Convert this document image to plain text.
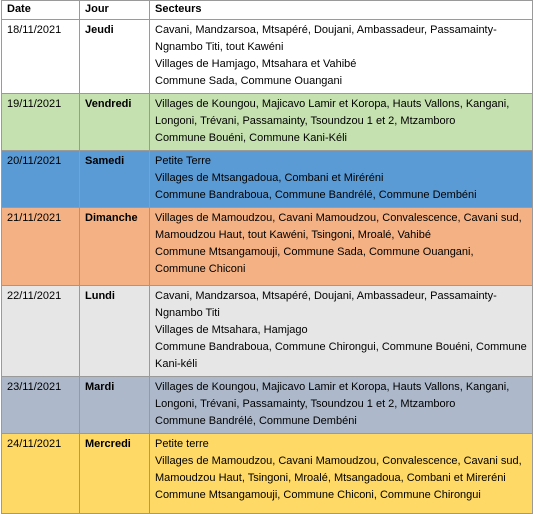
Date	Jour	Secteurs
18/11/2021	Jeudi	Cavani, Mandzarsoa, Mtsapéré, Doujani, Ambassadeur, Passamainty-Ngnambo Titi, tout Kawéni
Villages de Hamjago, Mtsahara et Vahibé
Commune Sada, Commune Ouangani

19/11/2021	Vendredi	Villages de Koungou, Majicavo Lamir et Koropa, Hauts Vallons, Kangani, Longoni, Trévani, Passamainty, Tsoundzou 1 et 2, Mtzamboro
Commune Bouéni, Commune Kani-Kéli

20/11/2021	Samedi	Petite Terre
Villages de Mtsangadoua, Combani et Miréréni
Commune Bandraboua, Commune Bandrélé, Commune Dembéni

21/11/2021	Dimanche	Villages de Mamoudzou, Cavani Mamoudzou, Convalescence, Cavani sud, Mamoudzou Haut, tout Kawéni, Tsingoni, Mroalé, Vahibé
Commune Mtsangamouji, Commune Sada, Commune Ouangani, Commune Chiconi

22/11/2021	Lundi	Cavani, Mandzarsoa, Mtsapéré, Doujani, Ambassadeur, Passamainty-Ngnambo Titi
Villages de Mtsahara, Hamjago
Commune Bandraboua, Commune Chirongui, Commune Bouéni, Commune Kani-kéli

23/11/2021	Mardi	Villages de Koungou, Majicavo Lamir et Koropa, Hauts Vallons, Kangani, Longoni, Trévani, Passamainty, Tsoundzou 1 et 2, Mtzamboro
Commune Bandrélé, Commune Dembéni

24/11/2021	Mercredi	Petite terre
Villages de Mamoudzou, Cavani Mamoudzou, Convalescence, Cavani sud, Mamoudzou Haut, Tsingoni, Mroalé, Mtsangadoua, Combani et Mireréni
Commune Mtsangamouji, Commune Chiconi, Commune Chirongui
